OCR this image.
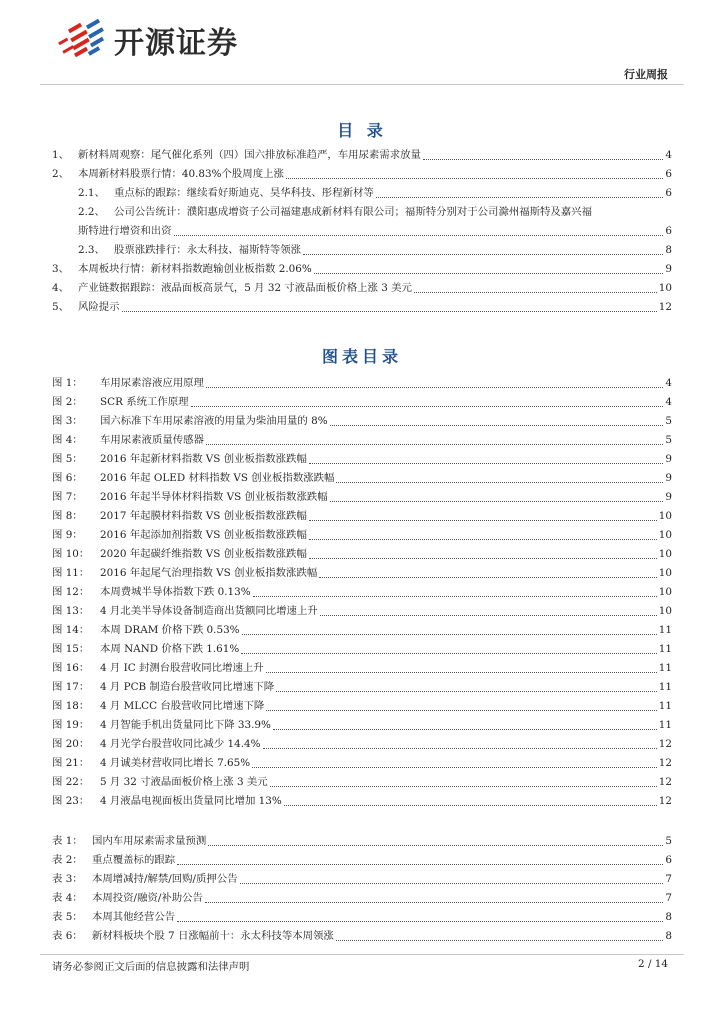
开源证券
行业周报
目 录
1、 新材料周观察：尾气催化系列（四）国六排放标准趋严，车用尿素需求放量	4
2、 本周新材料股票行情：40.83%个股周度上涨	6
2.1、 重点标的跟踪：继续看好斯迪克、昊华科技、彤程新材等	6
2.2、 公司公告统计：濮阳惠成增资子公司福建惠成新材料有限公司；福斯特分别对于公司滁州福斯特及嘉兴福
斯特进行增资和出资	6
2.3、 股票涨跌排行：永太科技、福斯特等领涨	8
3、 本周板块行情：新材料指数跑输创业板指数 2.06%	9
4、 产业链数据跟踪：液晶面板高景气，5 月 32 寸液晶面板价格上涨 3 美元	10
5、 风险提示	12
图表目录
图 1： 车用尿素溶液应用原理	4
图 2： SCR 系统工作原理	4
图 3： 国六标准下车用尿素溶液的用量为柴油用量的 8%	5
图 4： 车用尿素液质量传感器	5
图 5： 2016 年起新材料指数 VS 创业板指数涨跌幅	9
图 6： 2016 年起 OLED 材料指数 VS 创业板指数涨跌幅	9
图 7： 2016 年起半导体材料指数 VS 创业板指数涨跌幅	9
图 8： 2017 年起膜材料指数 VS 创业板指数涨跌幅	10
图 9： 2016 年起添加剂指数 VS 创业板指数涨跌幅	10
图 10： 2020 年起碳纤维指数 VS 创业板指数涨跌幅	10
图 11： 2016 年起尾气治理指数 VS 创业板指数涨跌幅	10
图 12： 本周费城半导体指数下跌 0.13%	10
图 13： 4 月北美半导体设备制造商出货额同比增速上升	10
图 14： 本周 DRAM 价格下跌 0.53%	11
图 15： 本周 NAND 价格下跌 1.61%	11
图 16： 4 月 IC 封测台股营收同比增速上升	11
图 17： 4 月 PCB 制造台股营收同比增速下降	11
图 18： 4 月 MLCC 台股营收同比增速下降	11
图 19： 4 月智能手机出货量同比下降 33.9%	11
图 20： 4 月光学台股营收同比减少 14.4%	12
图 21： 4 月诚美材营收同比增长 7.65%	12
图 22： 5 月 32 寸液晶面板价格上涨 3 美元	12
图 23： 4 月液晶电视面板出货量同比增加 13%	12
表 1： 国内车用尿素需求量预测	5
表 2： 重点覆盖标的跟踪	6
表 3： 本周增减持/解禁/回购/质押公告	7
表 4： 本周投资/融资/补助公告	7
表 5： 本周其他经营公告	8
表 6： 新材料板块个股 7 日涨幅前十：永太科技等本周领涨	8
请务必参阅正文后面的信息披露和法律声明	2 / 14
